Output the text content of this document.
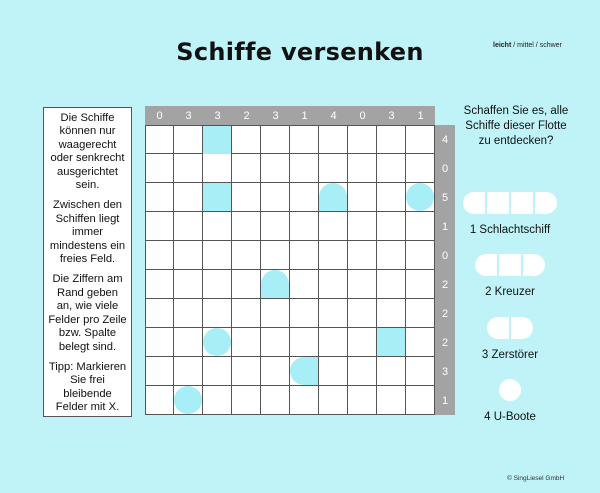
Schiffe versenken	leicht / mittel / schwer

Die Schiffe können nur waagerecht oder senkrecht ausgerichtet sein.

Zwischen den Schiffen liegt immer mindestens ein freies Feld.

Die Ziffern am Rand geben an, wie viele Felder pro Zeile bzw. Spalte belegt sind.

Tipp: Markieren Sie frei bleibende Felder mit X.

0	3	3	2	3	1	4	0	3	1
4
0
5
1
0
2
2
2
3
1
Schaffen Sie es, alle Schiffe dieser Flotte zu entdecken?
1 Schlachtschiff
2 Kreuzer
3 Zerstörer
4 U-Boote
© SingLiesel GmbH
